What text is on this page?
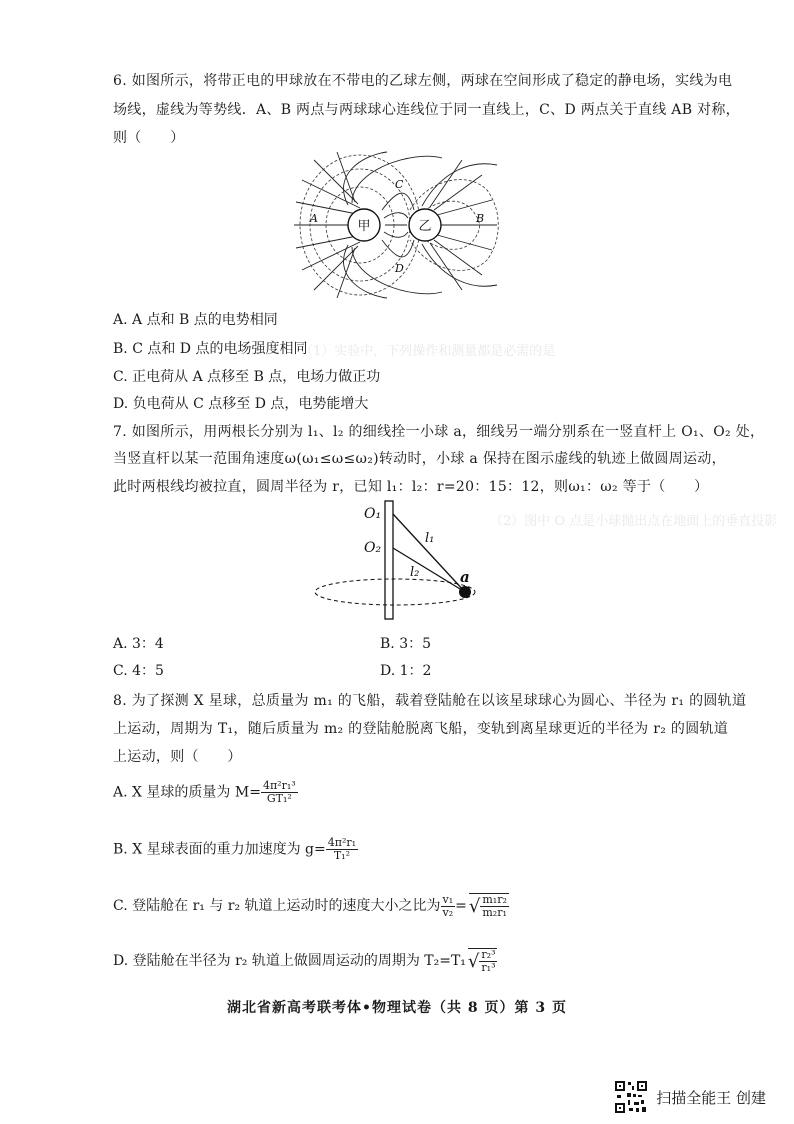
（1）实验中，下列操作和测量都是必需的是
（2）图中 O 点是小球抛出点在地面上的垂直投影
6. 如图所示，将带正电的甲球放在不带电的乙球左侧，两球在空间形成了稳定的静电场，实线为电
场线，虚线为等势线．A、B 两点与两球球心连线位于同一直线上，C、D 两点关于直线 AB 对称，
则（　　）
甲	乙
A	B
C
D
A. A 点和 B 点的电势相同
B. C 点和 D 点的电场强度相同
C. 正电荷从 A 点移至 B 点，电场力做正功
D. 负电荷从 C 点移至 D 点，电势能增大
7. 如图所示，用两根长分别为 l₁、l₂ 的细线拴一小球 a，细线另一端分别系在一竖直杆上 O₁、O₂ 处，
当竖直杆以某一范围角速度ω(ω₁≤ω≤ω₂)转动时，小球 a 保持在图示虚线的轨迹上做圆周运动，
此时两根线均被拉直，圆周半径为 r，已知 l₁：l₂：r=20：15：12，则ω₁：ω₂ 等于（　　）
O₁
O₂
l₁
l₂	a
A. 3：4	B. 3：5
C. 4：5	D. 1：2
8. 为了探测 X 星球，总质量为 m₁ 的飞船，载着登陆舱在以该星球球心为圆心、半径为 r₁ 的圆轨道
上运动，周期为 T₁，随后质量为 m₂ 的登陆舱脱离飞船，变轨到离星球更近的半径为 r₂ 的圆轨道
上运动，则（　　）
A. X 星球的质量为 $M= \frac{\text{4π²r₁³}}{\text{GT₁²}}$
B. X 星球表面的重力加速度为 $g= \frac{\text{4π²r₁}}{\text{T₁²}}$
C. 登陆舱在 r₁ 与 r₂ 轨道上运动时的速度大小之比为 $\frac{\text{v₁}}{\text{v₂}}$ = √ $\frac{\text{m₁r₂}}{\text{m₂r₁}}$
D. 登陆舱在半径为 r₂ 轨道上做圆周运动的周期为 T₂=T₁ √ $\frac{\text{r₂³}}{\text{r₁³}}$
湖北省新高考联考体•物理试卷（共 8 页）第 3 页
扫描全能王 创建
